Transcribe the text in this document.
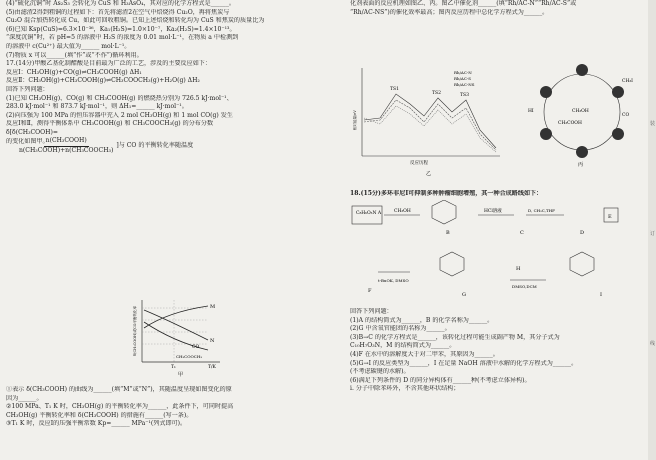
(4)“硫化沉铜”时 As₂S₃ 会转化为 CuS 和 H₃AsO₄，其对应的化学方程式是______。
(5)由滤渣2得到粗铜的过程如下：首先将滤渣2在空气中焙烧得 Cu₂O，再将焦炭与
Cu₂O 混合加热转化成 Cu，如此可回收粗铜。已知上述焙烧和转化均为 CuS 和焦炭的质量比为
(6)已知 Ksp(CuS)=6.3×10⁻³⁶，Ka₁(H₂S)=1.0×10⁻⁷，Ka₂(H₂S)=1.4×10⁻¹³。
“深度沉铜”时，若 pH=5 的溶液中 H₂S 的浓度为 0.01 mol·L⁻¹，在物质 a 中检测到
的溶液中 c(Cu²⁺) 最大值为______ mol·L⁻¹。
(7)物质 x 可以______(填“作”或“不作”)循环利用。
17.(14分)甲酸乙基化制醋酸是目前最为广泛的工艺，涉及的主要反应如下：
反应Ⅰ：CH₃OH(g)+CO(g)⇌CH₃COOH(g) ΔH₁
反应Ⅱ：CH₃OH(g)+CH₃COOH(g)⇌CH₃COOCH₃(g)+H₂O(g) ΔH₂
回答下列问题：
(1)已知 CH₃OH(g)、CO(g) 和 CH₃COOH(g) 的燃烧热分别为 726.5 kJ·mol⁻¹、
283.0 kJ·mol⁻¹ 和 873.7 kJ·mol⁻¹，则 ΔH₁=______ kJ·mol⁻¹。
(2)向压强为 100 MPa 的恒压容器中充入 2 mol CH₃OH(g) 和 1 mol CO(g) 发生
反应Ⅰ和Ⅱ，测得平衡体系中 CH₃COOH(g) 和 CH₃COOCH₃(g) 的分布分数
δ[δ(CH₃COOH)=
的变化如图甲。
$\frac{\text{n(CH₃COOH)}}{\text{n(CH₃COOH)+n(CH₃COOCH₃)}}$ ]与 CO 的平衡转化率随温度
M
N
CO
CH₃COOCH₃
T₁	T/K
甲
δ(CH₃COOH)或CO平衡转化率
①表示 δ(CH₃COOH) 的曲线为______(填“M”或“N”)，其随温度呈现如图变化的原
因为______。
②100 MPa、T₁ K 时，CH₃OH(g) 的平衡转化率为______，此条件下，可同时提高
CH₃OH(g) 平衡转化率和 δ(CH₃COOH) 的措施有______(写一条)。
③T₁ K 时，反应Ⅰ的压强平衡常数 Kp=______ MPa⁻¹(列式即可)。
化剂表面的反应机理如图乙、丙。图乙中催化剂______(填“Rh/AC-N”“Rh/AC-S”或
“Rh/AC-NS”)的催化效率最高；图丙反应历程中总化学方程式为______。
TS1
TS2	TS3
Rh/AC-N
Rh/AC-S
Rh/AC-NS
反应历程
乙
相对能量/eV	CH₃OH
CH₃I
HI
CH₃COOH
CO
丙
18.(15分)多环非尼Ⅰ可抑制多种肿瘤细胞增殖，其一种合成路线如下：
C₈H₆O₃N A	CH₃OH
B
HCl溶液	D, CH₃C,THF
C
E
D
t-BuOK, DMSO
F
G
H
DMSO,DCM
I
回答下列问题：
(1)A 的结构简式为______，B 的化学名称为______。
(2)G 中含氧官能团的名称为______。
(3)B→C 的化学方程式是______，该转化过程可能生成副产物 M，其分子式为
C₁₀H₇O₃N，M 的结构简式为______。
(4)F 在水中的溶解度大于对二甲苯，其原因为______。
(5)G→I 的反应类型为______，I 在足量 NaOH 溶液中水解的化学方程式为______。
(不考虑碳键的水解)。
(6)满足下列条件的 D 的同分异构体有______种(不考虑立体异构)。
i. 分子中除苯环外，不含其他环状结构；
装
订
线
